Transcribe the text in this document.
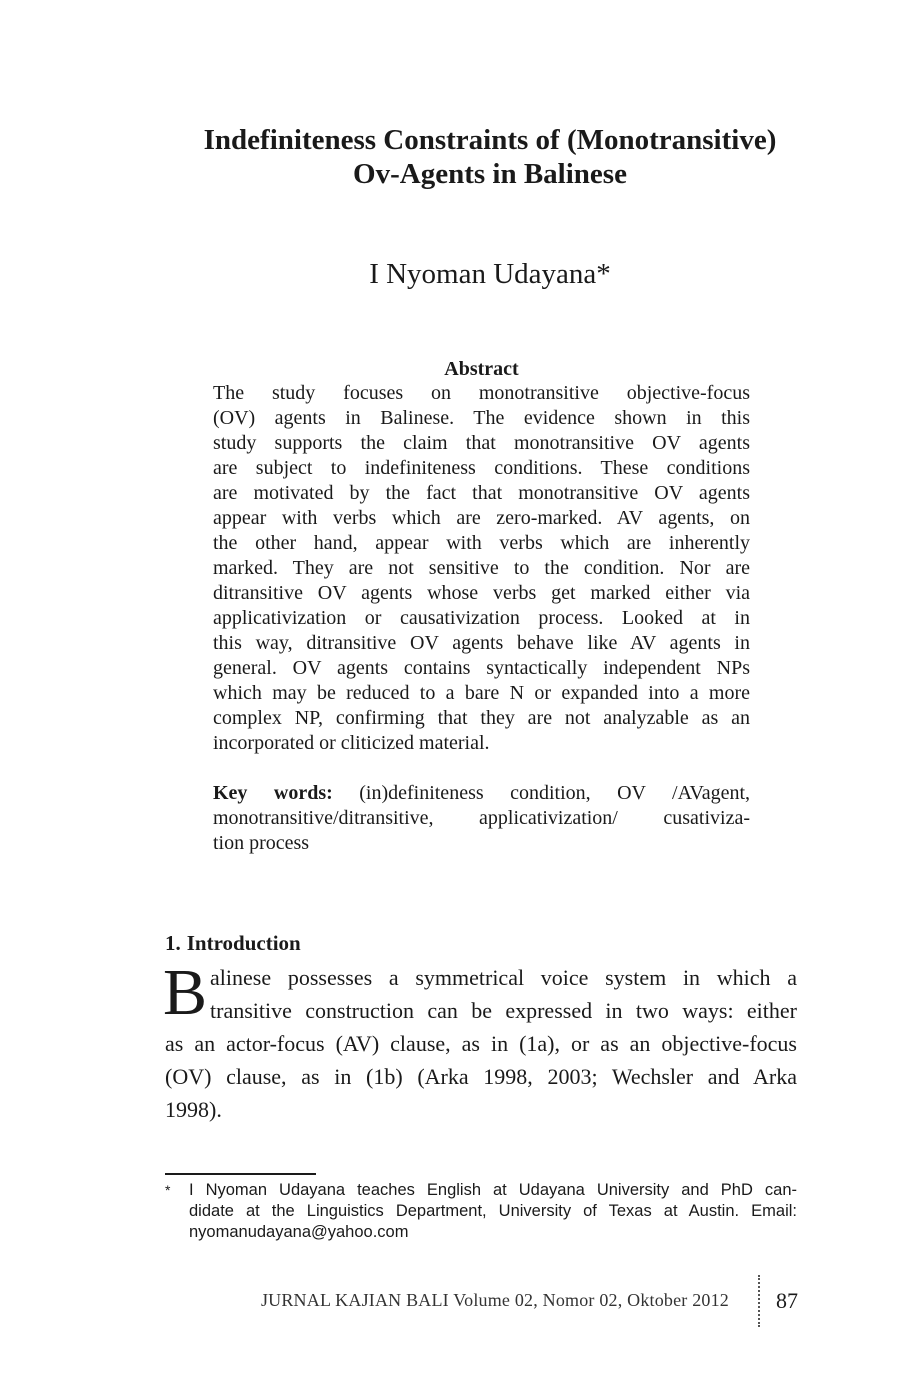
Indefiniteness Constraints of (Monotransitive)
Ov-Agents in Balinese
I Nyoman Udayana*
Abstract
The study focuses on monotransitive objective-focus
(OV) agents in Balinese. The evidence shown in this
study supports the claim that monotransitive OV agents
are subject to indefiniteness conditions. These conditions
are motivated by the fact that monotransitive OV agents
appear with verbs which are zero-marked. AV agents, on
the other hand, appear with verbs which are inherently
marked. They are not sensitive to the condition. Nor are
ditransitive OV agents whose verbs get marked either via
applicativization or causativization process. Looked at in
this way, ditransitive OV agents behave like AV agents in
general. OV agents contains syntactically independent NPs
which may be reduced to a bare N or expanded into a more
complex NP, confirming that they are not analyzable as an
incorporated or cliticized material.
Key words: (in)definiteness condition, OV /AVagent,
monotransitive/ditransitive, applicativization/ cusativiza-
tion process
1. Introduction
B alinese possesses a symmetrical voice system in which a
transitive construction can be expressed in two ways: either
as an actor-focus (AV) clause, as in (1a), or as an objective-focus
(OV) clause, as in (1b) (Arka 1998, 2003; Wechsler and Arka
1998).
* I Nyoman Udayana teaches English at Udayana University and PhD can-
didate at the Linguistics Department, University of Texas at Austin. Email:
nyomanudayana@yahoo.com
JURNAL KAJIAN BALI Volume 02, Nomor 02, Oktober 2012 87
